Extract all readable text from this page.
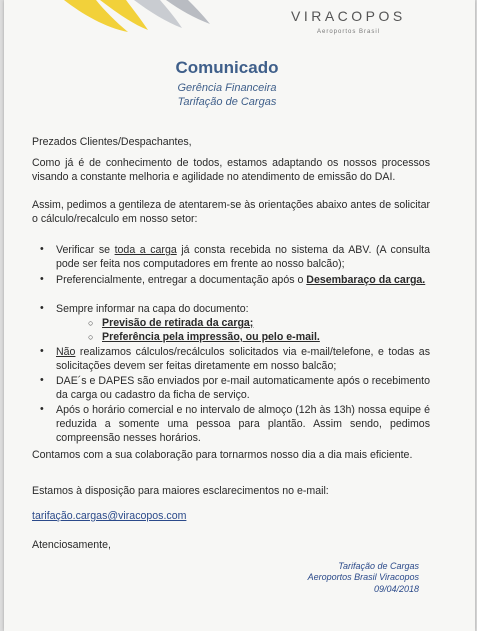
VIRACOPOS
Aeroportos Brasil
Comunicado
Gerência Financeira
Tarifação de Cargas
Prezados Clientes/Despachantes,
Como já é de conhecimento de todos, estamos adaptando os nossos processos visando a constante melhoria e agilidade no atendimento de emissão do DAI.
Assim, pedimos a gentileza de atentarem-se às orientações abaixo antes de solicitar o cálculo/recalculo em nosso setor:
• Verificar se toda a carga já consta recebida no sistema da ABV. (A consulta pode ser feita nos computadores em frente ao nosso balcão);
• Preferencialmente, entregar a documentação após o Desembaraço da carga.
• Sempre informar na capa do documento:
○ Previsão de retirada da carga;
○ Preferência pela impressão, ou pelo e-mail.
• Não realizamos cálculos/recálculos solicitados via e-mail/telefone, e todas as solicitações devem ser feitas diretamente em nosso balcão;
• DAE´s e DAPES são enviados por e-mail automaticamente após o recebimento da carga ou cadastro da ficha de serviço.
• Após o horário comercial e no intervalo de almoço (12h às 13h) nossa equipe é reduzida a somente uma pessoa para plantão. Assim sendo, pedimos compreensão nesses horários.
Contamos com a sua colaboração para tornarmos nosso dia a dia mais eficiente.
Estamos à disposição para maiores esclarecimentos no e-mail:
tarifação.cargas@viracopos.com
Atenciosamente,
Tarifação de Cargas
Aeroportos Brasil Viracopos
09/04/2018
